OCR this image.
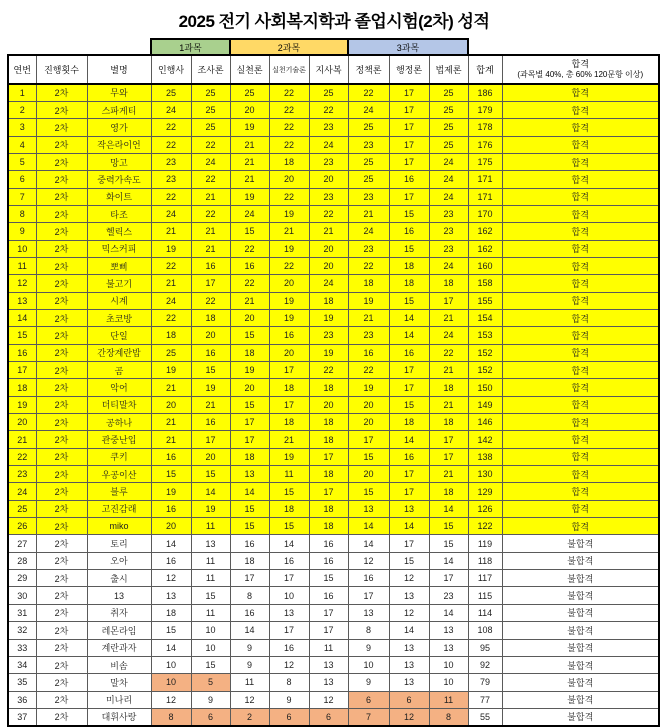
2025 전기 사회복지학과 졸업시험(2차) 성적
			1과목		2과목			3과목				
연번	진행횟수	별명	인행사	조사론	실천론	실천기술론	지사복	정책론	행정론	법제론	합계	합격
(과목별 40%, 총 60% 120문항 이상)

1	2차	무와	25	25	25	22	25	22	17	25	186	합격
2	2차	스파게티	24	25	20	22	22	24	17	25	179	합격
3	2차	영가	22	25	19	22	23	25	17	25	178	합격
4	2차	작은라이언	22	22	21	22	24	23	17	25	176	합격
5	2차	망고	23	24	21	18	23	25	17	24	175	합격
6	2차	중력가속도	23	22	21	20	20	25	16	24	171	합격
7	2차	화이트	22	21	19	22	23	23	17	24	171	합격
8	2차	타조	24	22	24	19	22	21	15	23	170	합격
9	2차	헬릭스	21	21	15	21	21	24	16	23	162	합격
10	2차	믹스커피	19	21	22	19	20	23	15	23	162	합격
11	2차	뽀삐	22	16	16	22	20	22	18	24	160	합격
12	2차	불고기	21	17	22	20	24	18	18	18	158	합격
13	2차	시계	24	22	21	19	18	19	15	17	155	합격
14	2차	초코방	22	18	20	19	19	21	14	21	154	합격
15	2차	단일	18	20	15	16	23	23	14	24	153	합격
16	2차	간장계란밥	25	16	18	20	19	16	16	22	152	합격
17	2차	곰	19	15	19	17	22	22	17	21	152	합격
18	2차	악어	21	19	20	18	18	19	17	18	150	합격
19	2차	더티말차	20	21	15	17	20	20	15	21	149	합격
20	2차	공하나	21	16	17	18	18	20	18	18	146	합격
21	2차	관중난입	21	17	17	21	18	17	14	17	142	합격
22	2차	쿠키	16	20	18	19	17	15	16	17	138	합격
23	2차	우공이산	15	15	13	11	18	20	17	21	130	합격
24	2차	블루	19	14	14	15	17	15	17	18	129	합격
25	2차	고진감래	16	19	15	18	18	13	13	14	126	합격
26	2차	miko	20	11	15	15	18	14	14	15	122	합격
27	2차	토리	14	13	16	14	16	14	17	15	119	불합격
28	2차	오아	16	11	18	16	16	12	15	14	118	불합격
29	2차	출시	12	11	17	17	15	16	12	17	117	불합격
30	2차	13	13	15	8	10	16	17	13	23	115	불합격
31	2차	취자	18	11	16	13	17	13	12	14	114	불합격
32	2차	레몬라임	15	10	14	17	17	8	14	13	108	불합격
33	2차	계란과자	14	10	9	16	11	9	13	13	95	불합격
34	2차	비솜	10	15	9	12	13	10	13	10	92	불합격
35	2차	말차	10	5	11	8	13	9	13	10	79	불합격
36	2차	미나리	12	9	12	9	12	6	6	11	77	불합격
37	2차	대휘사랑	8	6	2	6	6	7	12	8	55	불합격
